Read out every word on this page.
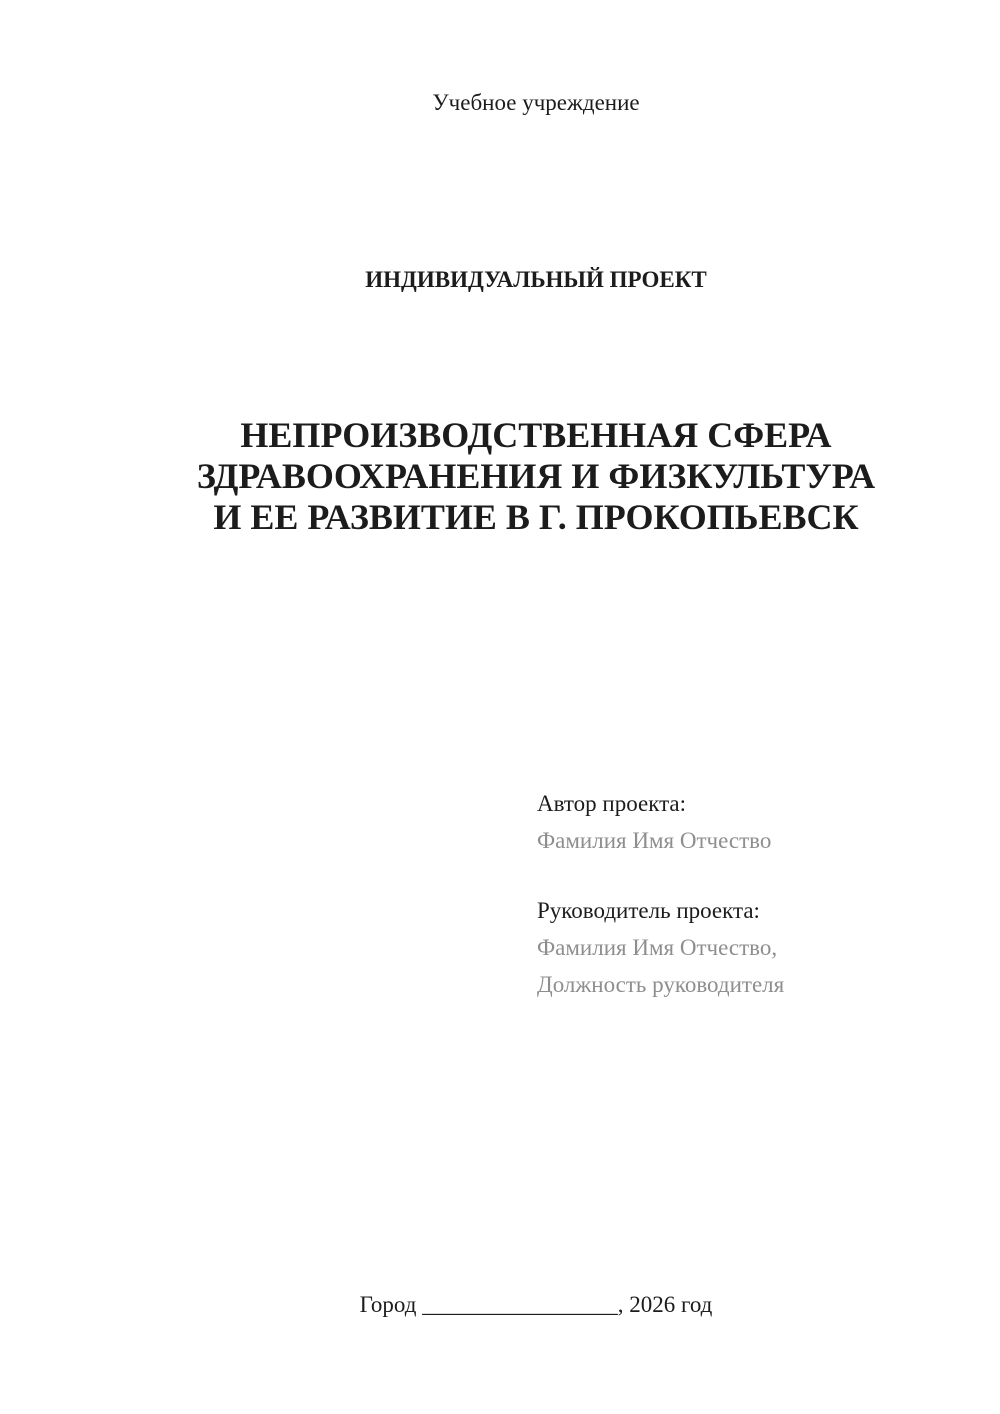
Учебное учреждение
ИНДИВИДУАЛЬНЫЙ ПРОЕКТ
НЕПРОИЗВОДСТВЕННАЯ СФЕРА
ЗДРАВООХРАНЕНИЯ И ФИЗКУЛЬТУРА
И ЕЕ РАЗВИТИЕ В Г. ПРОКОПЬЕВСК
Автор проекта:
Фамилия Имя Отчество
Руководитель проекта:
Фамилия Имя Отчество,
Должность руководителя
Город _________________, 2026 год
